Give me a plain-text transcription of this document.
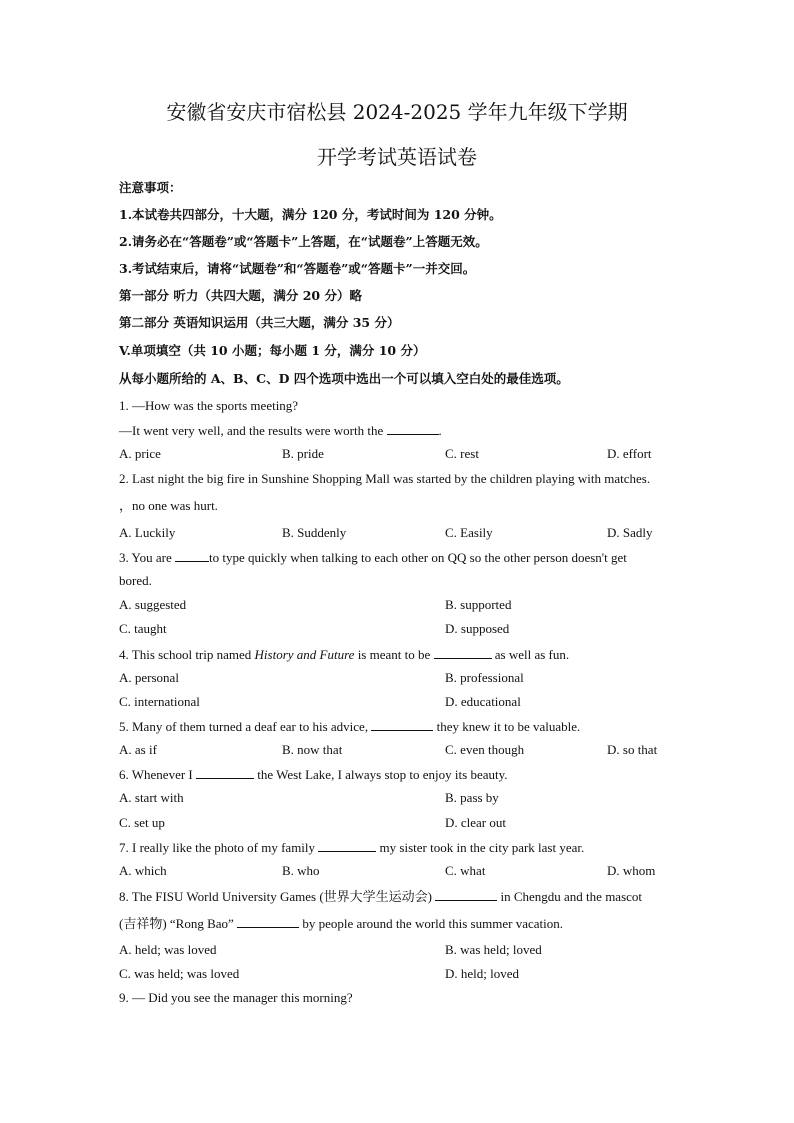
安徽省安庆市宿松县 2024-2025 学年九年级下学期
开学考试英语试卷
注意事项：
1.本试卷共四部分，十大题，满分 120 分，考试时间为 120 分钟。
2.请务必在“答题卷”或“答题卡”上答题，在“试题卷”上答题无效。
3.考试结束后，请将“试题卷”和“答题卷”或“答题卡”一并交回。
第一部分 听力（共四大题，满分 20 分）略
第二部分 英语知识运用（共三大题，满分 35 分）
V.单项填空（共 10 小题；每小题 1 分，满分 10 分）
从每小题所给的 A、B、C、D 四个选项中选出一个可以填入空白处的最佳选项。
1. —How was the sports meeting?
—It went very well, and the results were worth the	.
A. price	B. pride	C. rest	D. effort
2. Last night the big fire in Sunshine Shopping Mall was started by the children playing with matches.
，no one was hurt.
A. Luckily	B. Suddenly	C. Easily	D. Sadly
3. You are	to type quickly when talking to each other on QQ so the other person doesn't get
bored.
A. suggested	B. supported
C. taught	D. supposed
4. This school trip named History and Future is meant to be	as well as fun.
A. personal	B. professional
C. international	D. educational
5. Many of them turned a deaf ear to his advice,	they knew it to be valuable.
A. as if	B. now that	C. even though	D. so that
6. Whenever I	the West Lake, I always stop to enjoy its beauty.
A. start with	B. pass by
C. set up	D. clear out
7. I really like the photo of my family	my sister took in the city park last year.
A. which	B. who	C. what	D. whom
8. The FISU World University Games (世界大学生运动会)	in Chengdu and the mascot
(吉祥物) “Rong Bao”	by people around the world this summer vacation.
A. held; was loved	B. was held; loved
C. was held; was loved	D. held; loved
9. — Did you see the manager this morning?
